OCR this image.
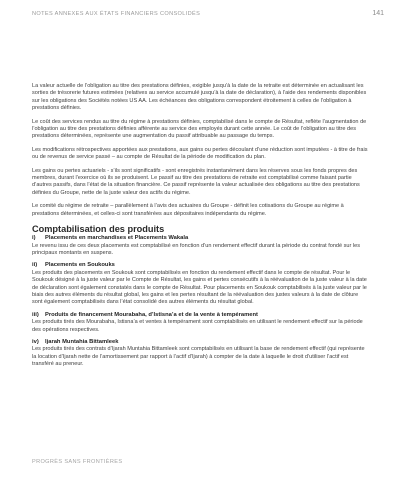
NOTES ANNEXES AUX ÉTATS FINANCIERS CONSOLIDÉS	141

La valeur actuelle de l’obligation au titre des prestations définies, exigible jusqu’à la date de la retraite est déterminée en actualisant les sorties de trésorerie futures estimées (relatives au service accumulé jusqu’à la date de déclaration), à l’aide des rendements disponibles sur les obligations des Sociétés notées US AA. Les échéances des obligations correspondent étroitement à celles de l’obligation à prestations définies.

Le coût des services rendus au titre du régime à prestations définies, comptabilisé dans le compte de Résultat, reflète l’augmentation de l’obligation au titre des prestations définies afférente au service des employés durant cette année. Le coût de l’obligation au titre des prestations déterminées, représente une augmentation du passif attribuable au passage du temps.

Les modifications rétrospectives apportées aux prestations, aux gains ou pertes découlant d’une réduction sont imputées - à titre de frais ou de revenus de service passé – au compte de Résultat de la période de modification du plan.

Les gains ou pertes actuariels - s’ils sont significatifs - sont enregistrés instantanément dans les réserves sous les fonds propres des membres, durant l’exercice où ils se produisent. Le passif au titre des prestations de retraite est comptabilisé comme faisant partie d’autres passifs, dans l’état de la situation financière. Ce passif représente la valeur actualisée des obligations au titre des prestations définies du Groupe, nette de la juste valeur des actifs du régime.

Le comité du régime de retraite – parallèlement à l’avis des actuaires du Groupe - définit les cotisations du Groupe au régime à prestations déterminées, et celles-ci sont transférées aux dépositaires indépendants du régime.

Comptabilisation des produits
i) Placements en marchandises et Placements Wakala

Le revenu issu de ces deux placements est comptabilisé en fonction d’un rendement effectif durant la période du contrat fondé sur les principaux montants en suspens.

ii) Placements en Soukouks

Les produits des placements en Soukouk sont comptabilisés en fonction du rendement effectif dans le compte de résultat. Pour le Soukouk désigné à la juste valeur par le Compte de Résultat, les gains et pertes consécutifs à la réévaluation de la juste valeur à la date de déclaration sont également constatés dans le compte de Résultat. Pour placements en Soukouk comptabilisés à la juste valeur par le biais des autres éléments du résultat global, les gains et les pertes résultant de la réévaluation des justes valeurs à la date de clôture sont également comptabilisés dans l’état consolidé des autres éléments du résultat global.

iii) Produits de financement Mourabaha, d’Istisna’a et de la vente à tempérament

Les produits tirés des Mourabaha, Istisna’a et ventes à tempérament sont comptabilisés en utilisant le rendement effectif sur la période des opérations respectives.

iv) Ijarah Muntahia Bittamleek

Les produits tirés des contrats d’Ijarah Muntahia Bittamleek sont comptabilisés en utilisant la base de rendement effectif (qui représente la location d’Ijarah nette de l’amortissement par rapport à l’actif d’Ijarah) à compter de la date à laquelle le droit d’utiliser l’actif est transféré au preneur.

PROGRÈS SANS FRONTIÈRES
